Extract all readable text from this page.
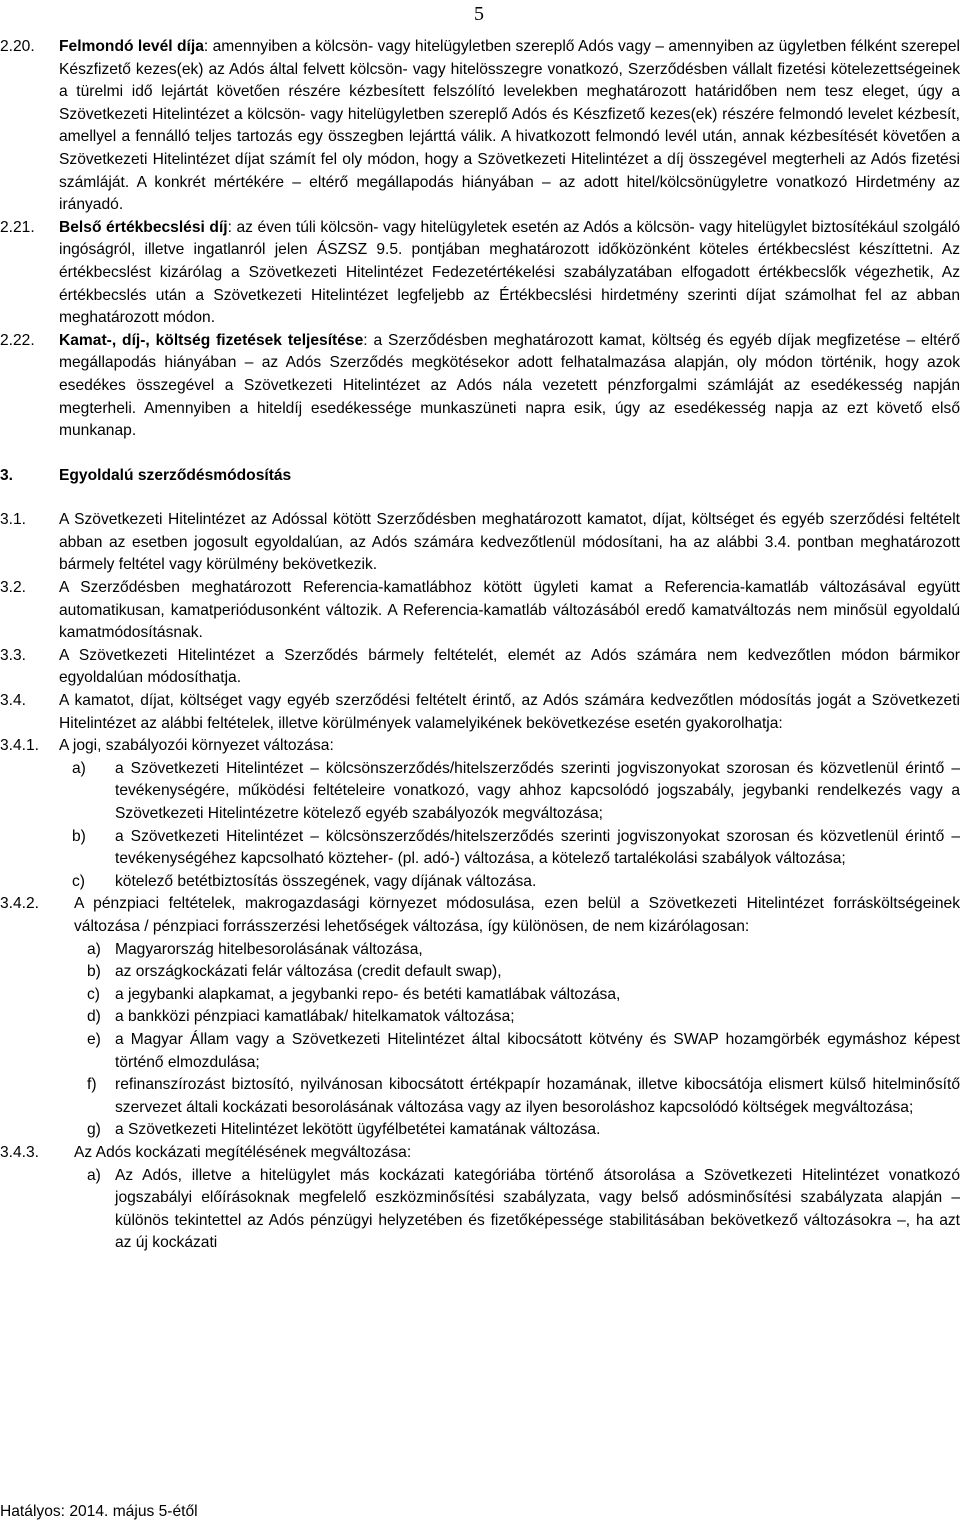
5
2.20.	Felmondó levél díja: amennyiben a kölcsön- vagy hitelügyletben szereplő Adós vagy – amennyiben az ügyletben félként szerepel Készfizető kezes(ek) az Adós által felvett kölcsön- vagy hitelösszegre vonatkozó, Szerződésben vállalt fizetési kötelezettségeinek a türelmi idő lejártát követően részére kézbesített felszólító levelekben meghatározott határidőben nem tesz eleget, úgy a Szövetkezeti Hitelintézet a kölcsön- vagy hitelügyletben szereplő Adós és Készfizető kezes(ek) részére felmondó levelet kézbesít, amellyel a fennálló teljes tartozás egy összegben lejárttá válik. A hivatkozott felmondó levél után, annak kézbesítését követően a Szövetkezeti Hitelintézet díjat számít fel oly módon, hogy a Szövetkezeti Hitelintézet a díj összegével megterheli az Adós fizetési számláját. A konkrét mértékére – eltérő megállapodás hiányában – az adott hitel/kölcsönügyletre vonatkozó Hirdetmény az irányadó.
2.21.	Belső értékbecslési díj: az éven túli kölcsön- vagy hitelügyletek esetén az Adós a kölcsön- vagy hitelügylet biztosítékául szolgáló ingóságról, illetve ingatlanról jelen ÁSZSZ 9.5. pontjában meghatározott időközönként köteles értékbecslést készíttetni. Az értékbecslést kizárólag a Szövetkezeti Hitelintézet Fedezetértékelési szabályzatában elfogadott értékbecslők végezhetik, Az értékbecslés után a Szövetkezeti Hitelintézet legfeljebb az Értékbecslési hirdetmény szerinti díjat számolhat fel az abban meghatározott módon.
2.22.	Kamat-, díj-, költség fizetések teljesítése: a Szerződésben meghatározott kamat, költség és egyéb díjak megfizetése – eltérő megállapodás hiányában – az Adós Szerződés megkötésekor adott felhatalmazása alapján, oly módon történik, hogy azok esedékes összegével a Szövetkezeti Hitelintézet az Adós nála vezetett pénzforgalmi számláját az esedékesség napján megterheli. Amennyiben a hiteldíj esedékessége munkaszüneti napra esik, úgy az esedékesség napja az ezt követő első munkanap.
3.	Egyoldalú szerződésmódosítás
3.1.	A Szövetkezeti Hitelintézet az Adóssal kötött Szerződésben meghatározott kamatot, díjat, költséget és egyéb szerződési feltételt abban az esetben jogosult egyoldalúan, az Adós számára kedvezőtlenül módosítani, ha az alábbi 3.4. pontban meghatározott bármely feltétel vagy körülmény bekövetkezik.
3.2.	A Szerződésben meghatározott Referencia-kamatlábhoz kötött ügyleti kamat a Referencia-kamatláb változásával együtt automatikusan, kamatperiódusonként változik. A Referencia-kamatláb változásából eredő kamatváltozás nem minősül egyoldalú kamatmódosításnak.
3.3.	A Szövetkezeti Hitelintézet a Szerződés bármely feltételét, elemét az Adós számára nem kedvezőtlen módon bármikor egyoldalúan módosíthatja.
3.4.	A kamatot, díjat, költséget vagy egyéb szerződési feltételt érintő, az Adós számára kedvezőtlen módosítás jogát a Szövetkezeti Hitelintézet az alábbi feltételek, illetve körülmények valamelyikének bekövetkezése esetén gyakorolhatja:
3.4.1.	A jogi, szabályozói környezet változása:
a)	a Szövetkezeti Hitelintézet – kölcsönszerződés/hitelszerződés szerinti jogviszonyokat szorosan és közvetlenül érintő – tevékenységére, működési feltételeire vonatkozó, vagy ahhoz kapcsolódó jogszabály, jegybanki rendelkezés vagy a Szövetkezeti Hitelintézetre kötelező egyéb szabályozók megváltozása;
b)	a Szövetkezeti Hitelintézet – kölcsönszerződés/hitelszerződés szerinti jogviszonyokat szorosan és közvetlenül érintő – tevékenységéhez kapcsolható közteher- (pl. adó-) változása, a kötelező tartalékolási szabályok változása;
c)	kötelező betétbiztosítás összegének, vagy díjának változása.
3.4.2.	A pénzpiaci feltételek, makrogazdasági környezet módosulása, ezen belül a Szövetkezeti Hitelintézet forrásköltségeinek változása / pénzpiaci forrásszerzési lehetőségek változása, így különösen, de nem kizárólagosan:
a) Magyarország hitelbesorolásának változása,
b) az országkockázati felár változása (credit default swap),
c) a jegybanki alapkamat, a jegybanki repo- és betéti kamatlábak változása,
d) a bankközi pénzpiaci kamatlábak/ hitelkamatok változása;
e) a Magyar Állam vagy a Szövetkezeti Hitelintézet által kibocsátott kötvény és SWAP hozamgörbék egymáshoz képest történő elmozdulása;
f)	refinanszírozást biztosító, nyilvánosan kibocsátott értékpapír hozamának, illetve kibocsátója elismert külső hitelminősítő szervezet általi kockázati besorolásának változása vagy az ilyen besoroláshoz kapcsolódó költségek megváltozása;
g) a Szövetkezeti Hitelintézet lekötött ügyfélbetétei kamatának változása.
3.4.3.	Az Adós kockázati megítélésének megváltozása:
a) Az Adós, illetve a hitelügylet más kockázati kategóriába történő átsorolása a Szövetkezeti Hitelintézet vonatkozó jogszabályi előírásoknak megfelelő eszközminősítési szabályzata, vagy belső adósminősítési szabályzata alapján – különös tekintettel az Adós pénzügyi helyzetében és fizetőképessége stabilitásában bekövetkező változásokra –, ha azt az új kockázati
Hatályos: 2014. május 5-étől
